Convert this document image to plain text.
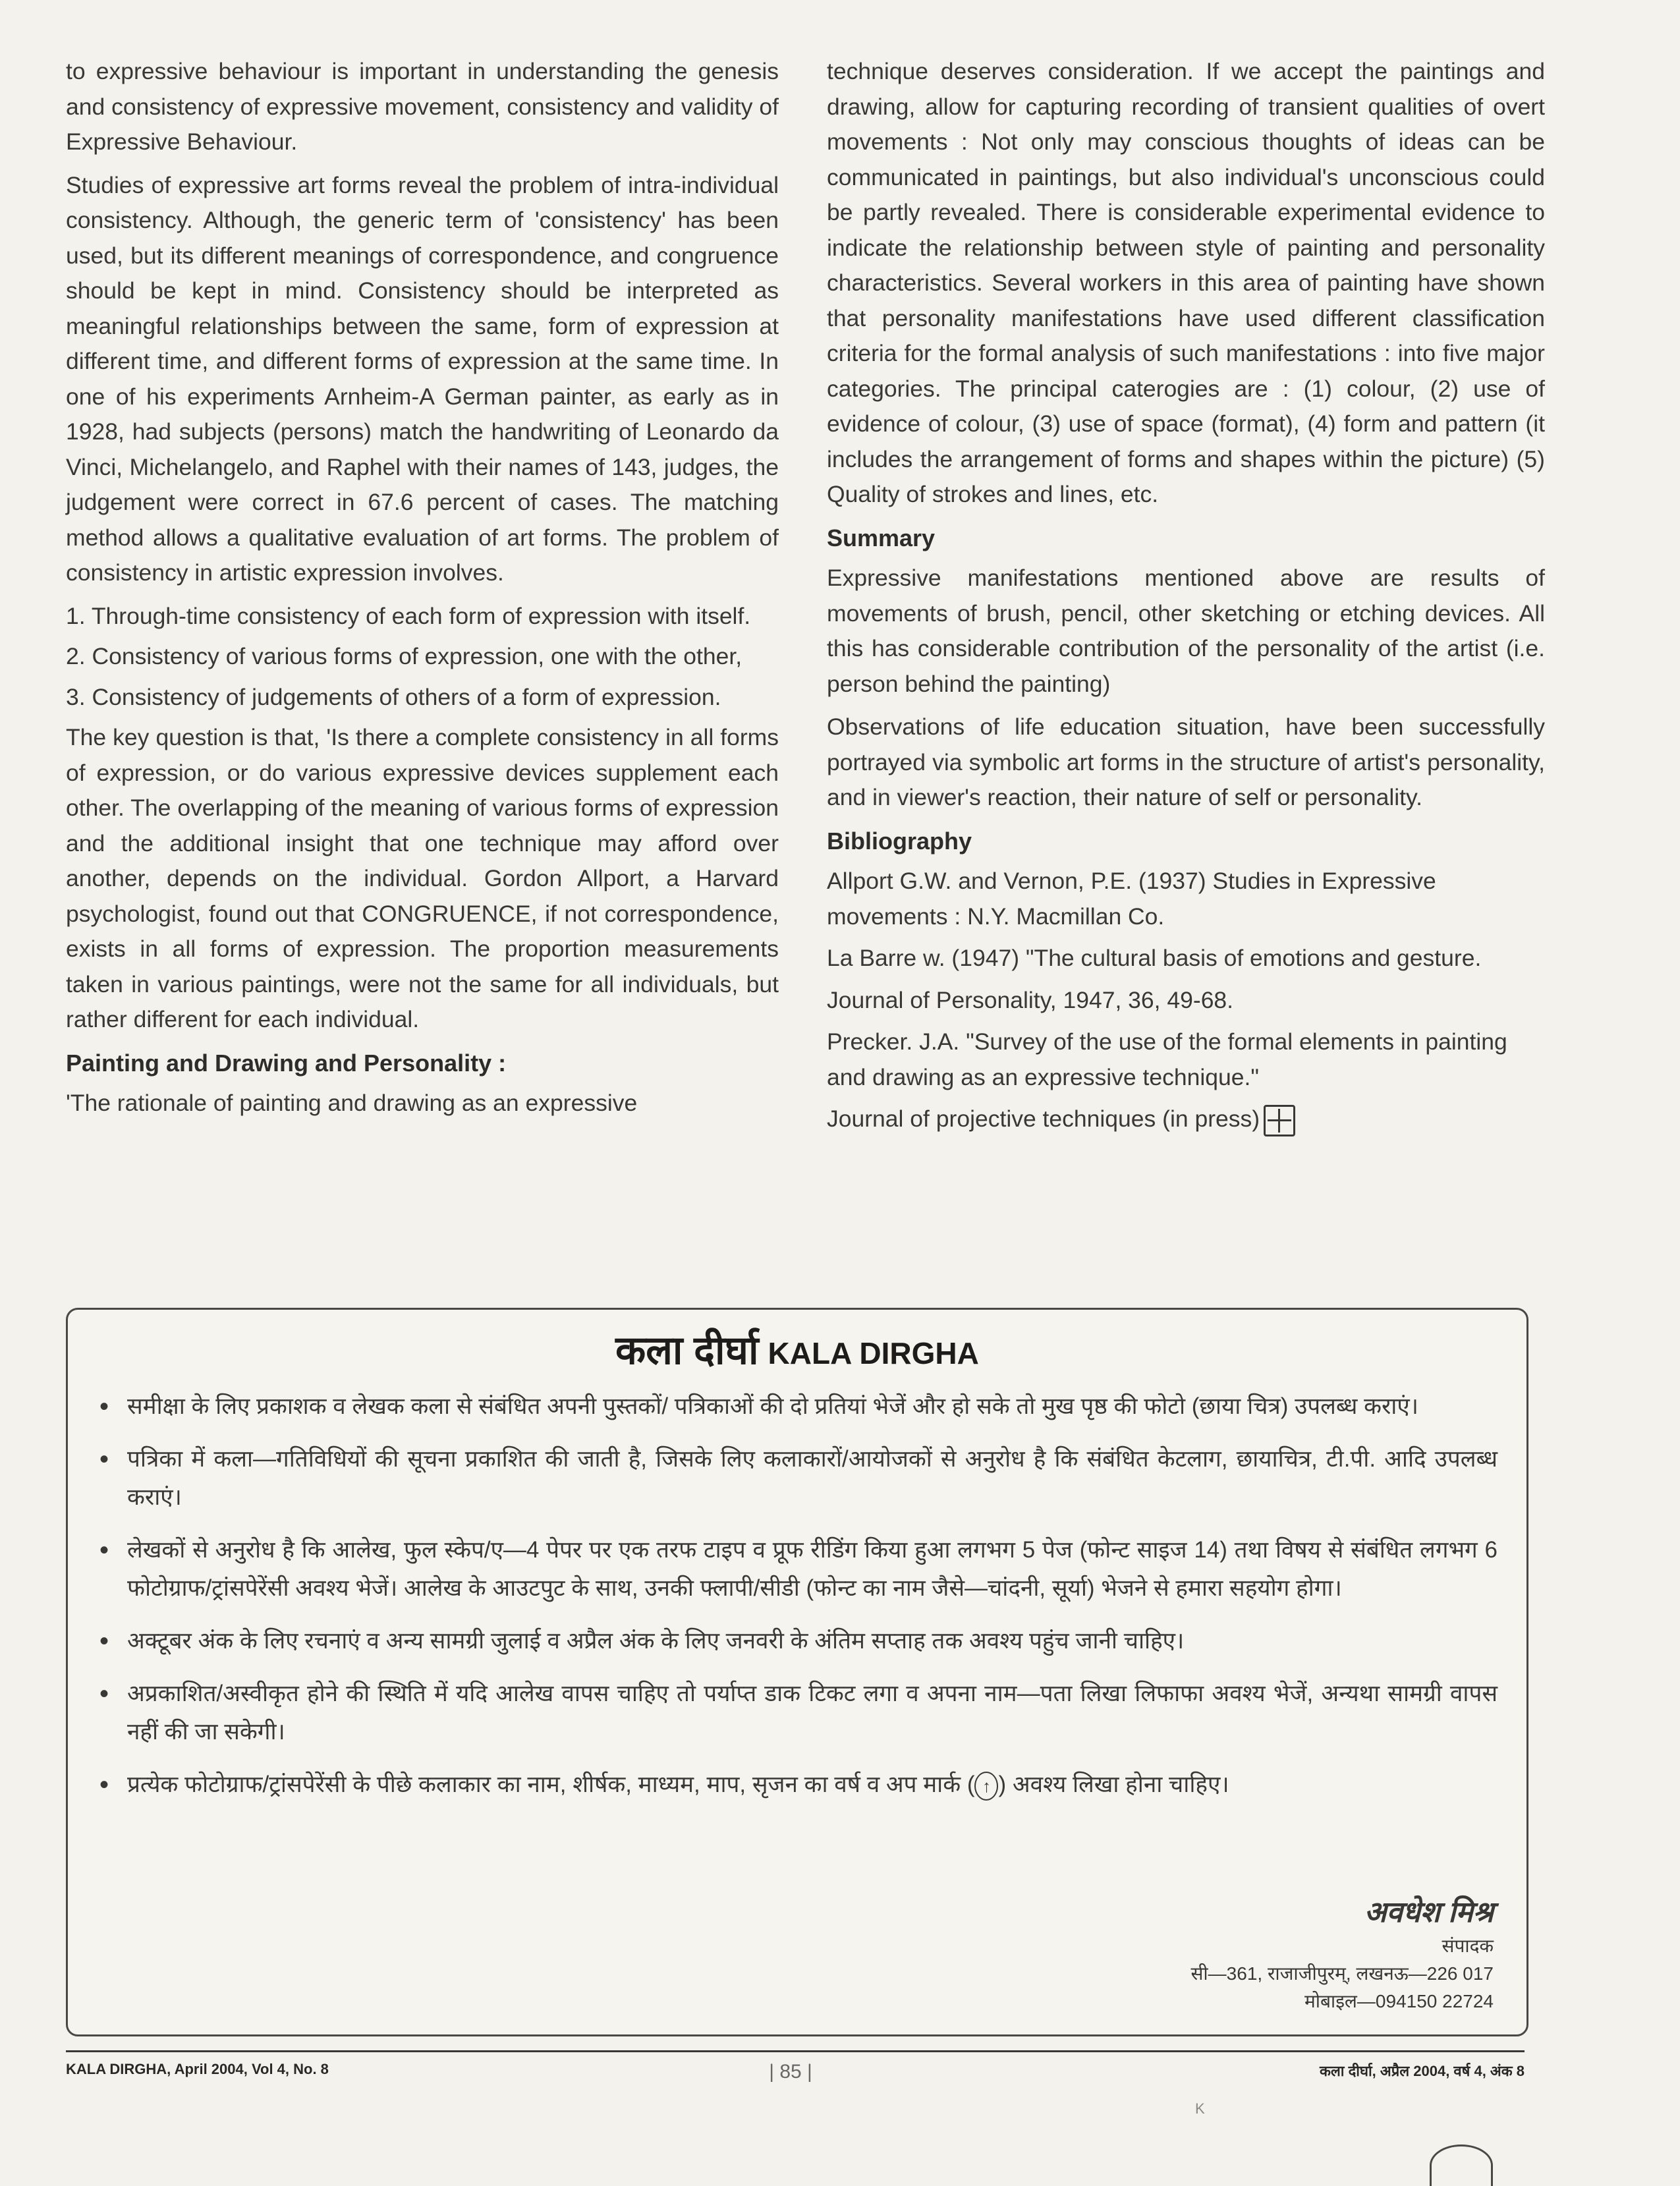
to expressive behaviour is important in understanding the genesis and consistency of expressive movement, consistency and validity of Expressive Behaviour.

Studies of expressive art forms reveal the problem of intra-individual consistency. Although, the generic term of 'consistency' has been used, but its different meanings of correspondence, and congruence should be kept in mind. Consistency should be interpreted as meaningful relationships between the same, form of expression at different time, and different forms of expression at the same time. In one of his experiments Arnheim-A German painter, as early as in 1928, had subjects (persons) match the handwriting of Leonardo da Vinci, Michelangelo, and Raphel with their names of 143, judges, the judgement were correct in 67.6 percent of cases. The matching method allows a qualitative evaluation of art forms. The problem of consistency in artistic expression involves.

1. Through-time consistency of each form of expression with itself.

2. Consistency of various forms of expression, one with the other,

3. Consistency of judgements of others of a form of expression.

The key question is that, 'Is there a complete consistency in all forms of expression, or do various expressive devices supplement each other. The overlapping of the meaning of various forms of expression and the additional insight that one technique may afford over another, depends on the individual. Gordon Allport, a Harvard psychologist, found out that CONGRUENCE, if not correspondence, exists in all forms of expression. The proportion measurements taken in various paintings, were not the same for all individuals, but rather different for each individual.

Painting and Drawing and Personality :

'The rationale of painting and drawing as an expressive

technique deserves consideration. If we accept the paintings and drawing, allow for capturing recording of transient qualities of overt movements : Not only may conscious thoughts of ideas can be communicated in paintings, but also individual's unconscious could be partly revealed. There is considerable experimental evidence to indicate the relationship between style of painting and personality characteristics. Several workers in this area of painting have shown that personality manifestations have used different classification criteria for the formal analysis of such manifestations : into five major categories. The principal caterogies are : (1) colour, (2) use of evidence of colour, (3) use of space (format), (4) form and pattern (it includes the arrangement of forms and shapes within the picture) (5) Quality of strokes and lines, etc.

Summary

Expressive manifestations mentioned above are results of movements of brush, pencil, other sketching or etching devices. All this has considerable contribution of the personality of the artist (i.e. person behind the painting)

Observations of life education situation, have been successfully portrayed via symbolic art forms in the structure of artist's personality, and in viewer's reaction, their nature of self or personality.

Bibliography

Allport G.W. and Vernon, P.E. (1937) Studies in Expressive movements : N.Y. Macmillan Co.

La Barre w. (1947) "The cultural basis of emotions and gesture.

Journal of Personality, 1947, 36, 49-68.

Precker. J.A. "Survey of the use of the formal elements in painting and drawing as an expressive technique."

Journal of projective techniques (in press)

कला दीर्घा KALA DIRGHA
• समीक्षा के लिए प्रकाशक व लेखक कला से संबंधित अपनी पुस्तकों/ पत्रिकाओं की दो प्रतियां भेजें और हो सके तो मुख पृष्ठ की फोटो (छाया चित्र) उपलब्ध कराएं।
• पत्रिका में कला—गतिविधियों की सूचना प्रकाशित की जाती है, जिसके लिए कलाकारों/आयोजकों से अनुरोध है कि संबंधित केटलाग, छायाचित्र, टी.पी. आदि उपलब्ध कराएं।
• लेखकों से अनुरोध है कि आलेख, फुल स्केप/ए—4 पेपर पर एक तरफ टाइप व प्रूफ रीडिंग किया हुआ लगभग 5 पेज (फोन्ट साइज 14) तथा विषय से संबंधित लगभग 6 फोटोग्राफ/ट्रांसपेरेंसी अवश्य भेजें। आलेख के आउटपुट के साथ, उनकी फ्लापी/सीडी (फोन्ट का नाम जैसे—चांदनी, सूर्या) भेजने से हमारा सहयोग होगा।
• अक्टूबर अंक के लिए रचनाएं व अन्य सामग्री जुलाई व अप्रैल अंक के लिए जनवरी के अंतिम सप्ताह तक अवश्य पहुंच जानी चाहिए।
• अप्रकाशित/अस्वीकृत होने की स्थिति में यदि आलेख वापस चाहिए तो पर्याप्त डाक टिकट लगा व अपना नाम—पता लिखा लिफाफा अवश्य भेजें, अन्यथा सामग्री वापस नहीं की जा सकेगी।
• प्रत्येक फोटोग्राफ/ट्रांसपेरेंसी के पीछे कलाकार का नाम, शीर्षक, माध्यम, माप, सृजन का वर्ष व अप मार्क ( ↑ ) अवश्य लिखा होना चाहिए।
अवधेश मिश्र
संपादक
सी—361, राजाजीपुरम्, लखनऊ—226 017
मोबाइल—094150 22724
KALA DIRGHA, April 2004, Vol 4, No. 8	| 85 |	कला दीर्घा, अप्रैल 2004, वर्ष 4, अंक 8
K
